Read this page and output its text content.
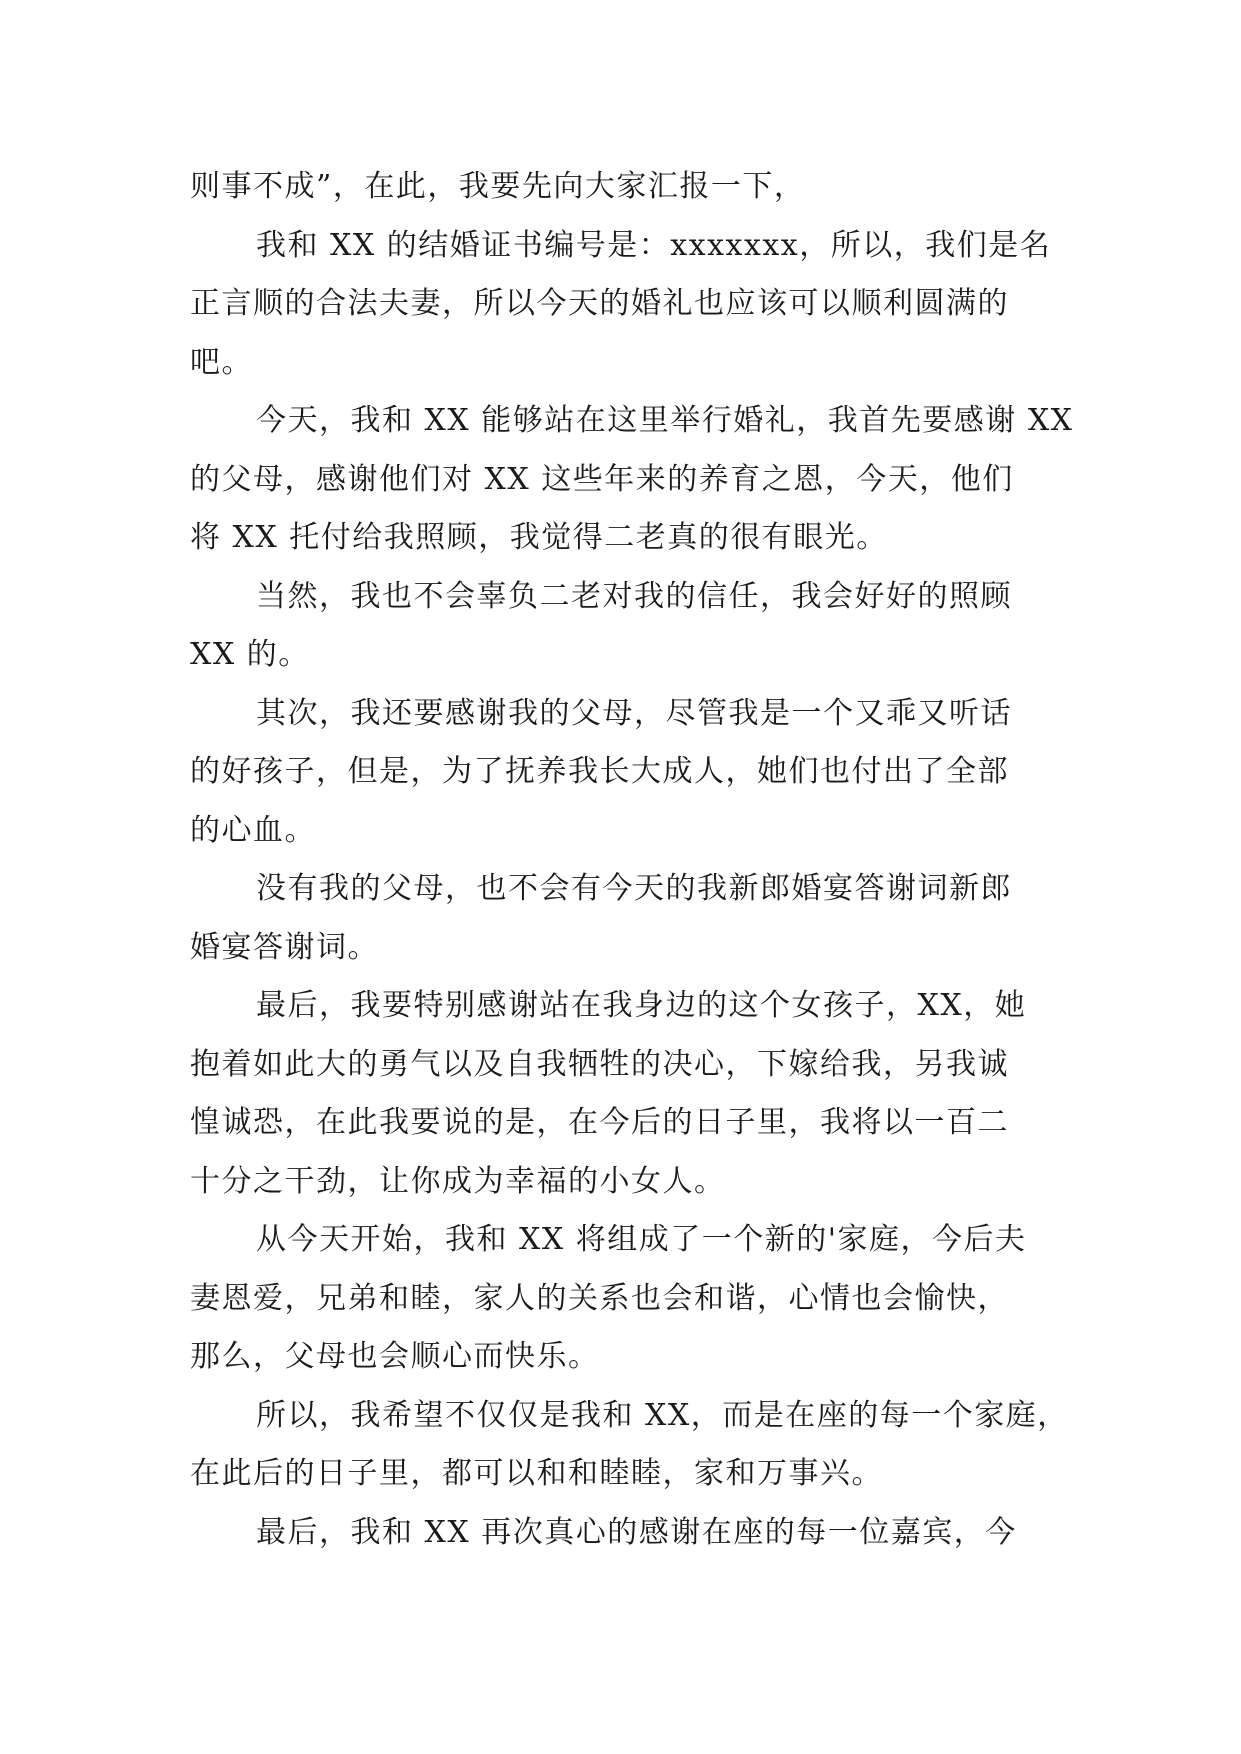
则事不成”，在此，我要先向大家汇报一下，
我和 XX 的结婚证书编号是：xxxxxxx，所以，我们是名
正言顺的合法夫妻，所以今天的婚礼也应该可以顺利圆满的
吧。
今天，我和 XX 能够站在这里举行婚礼，我首先要感谢 XX
的父母，感谢他们对 XX 这些年来的养育之恩，今天，他们
将 XX 托付给我照顾，我觉得二老真的很有眼光。
当然，我也不会辜负二老对我的信任，我会好好的照顾
XX 的。
其次，我还要感谢我的父母，尽管我是一个又乖又听话
的好孩子，但是，为了抚养我长大成人，她们也付出了全部
的心血。
没有我的父母，也不会有今天的我新郎婚宴答谢词新郎
婚宴答谢词。
最后，我要特别感谢站在我身边的这个女孩子，XX，她
抱着如此大的勇气以及自我牺牲的决心，下嫁给我，另我诚
惶诚恐，在此我要说的是，在今后的日子里，我将以一百二
十分之干劲，让你成为幸福的小女人。
从今天开始，我和 XX 将组成了一个新的'家庭，今后夫
妻恩爱，兄弟和睦，家人的关系也会和谐，心情也会愉快，
那么，父母也会顺心而快乐。
所以，我希望不仅仅是我和 XX，而是在座的每一个家庭，
在此后的日子里，都可以和和睦睦，家和万事兴。
最后，我和 XX 再次真心的感谢在座的每一位嘉宾，今
